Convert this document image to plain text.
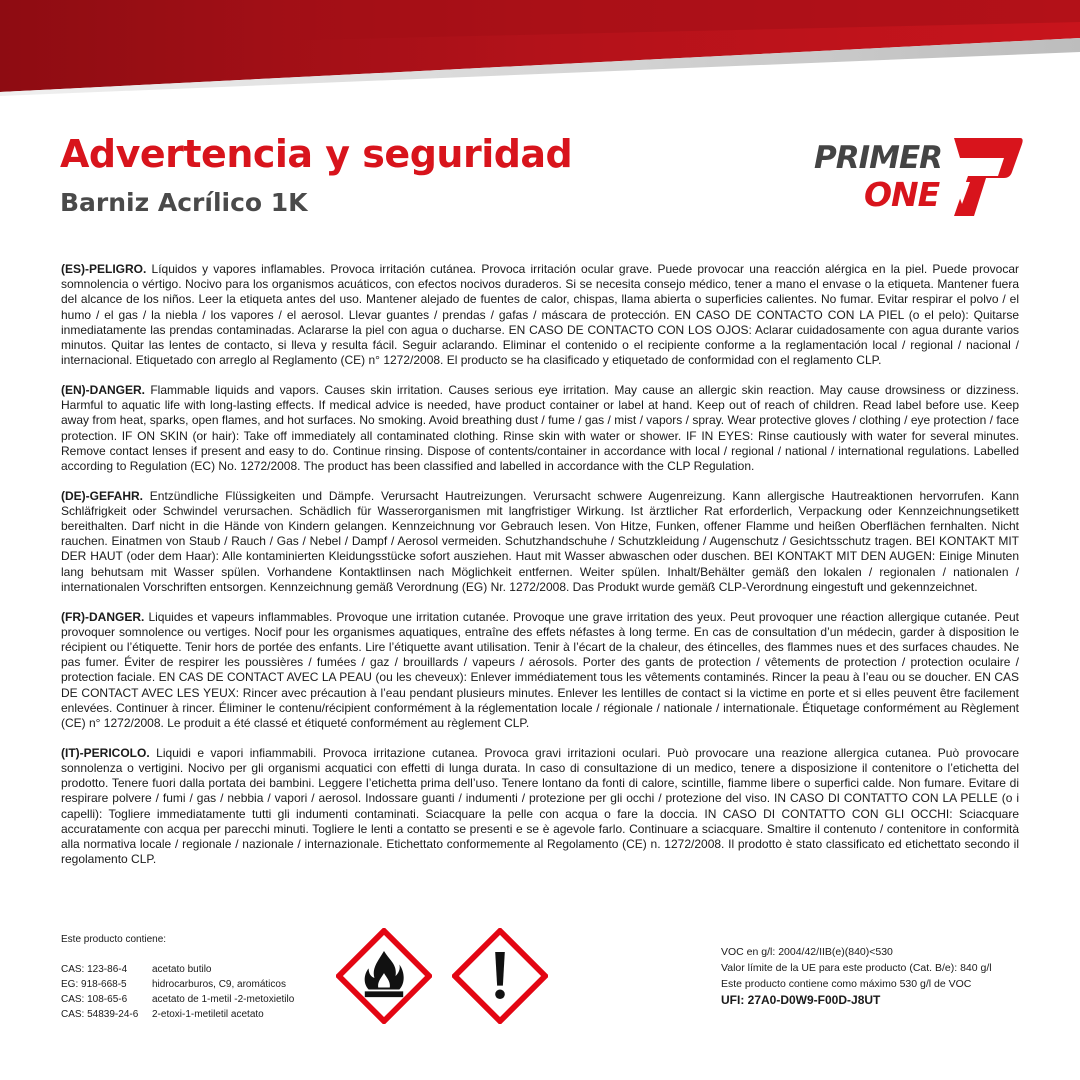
Advertencia y seguridad
Barniz Acrílico 1K
PRIMER
ONE

(ES)-PELIGRO. Líquidos y vapores inflamables. Provoca irritación cutánea. Provoca irritación ocular grave. Puede provocar una reacción alérgica en la piel. Puede provocar somnolencia o vértigo. Nocivo para los organismos acuáticos, con efectos nocivos duraderos. Si se necesita consejo médico, tener a mano el envase o la etiqueta. Mantener fuera del alcance de los niños. Leer la etiqueta antes del uso. Mantener alejado de fuentes de calor, chispas, llama abierta o superficies calientes. No fumar. Evitar respirar el polvo / el humo / el gas / la niebla / los vapores / el aerosol. Llevar guantes / prendas / gafas / máscara de protección. EN CASO DE CONTACTO CON LA PIEL (o el pelo): Quitarse inmediatamente las prendas contaminadas. Aclararse la piel con agua o ducharse. EN CASO DE CONTACTO CON LOS OJOS: Aclarar cuidadosamente con agua durante varios minutos. Quitar las lentes de contacto, si lleva y resulta fácil. Seguir aclarando. Eliminar el contenido o el recipiente conforme a la reglamentación local / regional / nacional / internacional. Etiquetado con arreglo al Reglamento (CE) n° 1272/2008. El producto se ha clasificado y etiquetado de conformidad con el reglamento CLP.

(EN)-DANGER. Flammable liquids and vapors. Causes skin irritation. Causes serious eye irritation. May cause an allergic skin reaction. May cause drowsiness or dizziness. Harmful to aquatic life with long-lasting effects. If medical advice is needed, have product container or label at hand. Keep out of reach of children. Read label before use. Keep away from heat, sparks, open flames, and hot surfaces. No smoking. Avoid breathing dust / fume / gas / mist / vapors / spray. Wear protective gloves / clothing / eye protection / face protection. IF ON SKIN (or hair): Take off immediately all contaminated clothing. Rinse skin with water or shower. IF IN EYES: Rinse cautiously with water for several minutes. Remove contact lenses if present and easy to do. Continue rinsing. Dispose of contents/container in accordance with local / regional / national / international regulations. Labelled according to Regulation (EC) No. 1272/2008. The product has been classified and labelled in accordance with the CLP Regulation.

(DE)-GEFAHR. Entzündliche Flüssigkeiten und Dämpfe. Verursacht Hautreizungen. Verursacht schwere Augenreizung. Kann allergische Hautreaktionen hervorrufen. Kann Schläfrigkeit oder Schwindel verursachen. Schädlich für Wasserorganismen mit langfristiger Wirkung. Ist ärztlicher Rat erforderlich, Verpackung oder Kennzeichnungsetikett bereithalten. Darf nicht in die Hände von Kindern gelangen. Kennzeichnung vor Gebrauch lesen. Von Hitze, Funken, offener Flamme und heißen Oberflächen fernhalten. Nicht rauchen. Einatmen von Staub / Rauch / Gas / Nebel / Dampf / Aerosol vermeiden. Schutzhandschuhe / Schutzkleidung / Augenschutz / Gesichtsschutz tragen. BEI KONTAKT MIT DER HAUT (oder dem Haar): Alle kontaminierten Kleidungsstücke sofort ausziehen. Haut mit Wasser abwaschen oder duschen. BEI KONTAKT MIT DEN AUGEN: Einige Minuten lang behutsam mit Wasser spülen. Vorhandene Kontaktlinsen nach Möglichkeit entfernen. Weiter spülen. Inhalt/Behälter gemäß den lokalen / regionalen / nationalen / internationalen Vorschriften entsorgen. Kennzeichnung gemäß Verordnung (EG) Nr. 1272/2008. Das Produkt wurde gemäß CLP-Verordnung eingestuft und gekennzeichnet.

(FR)-DANGER. Liquides et vapeurs inflammables. Provoque une irritation cutanée. Provoque une grave irritation des yeux. Peut provoquer une réaction allergique cutanée. Peut provoquer somnolence ou vertiges. Nocif pour les organismes aquatiques, entraîne des effets néfastes à long terme. En cas de consultation d’un médecin, garder à disposition le récipient ou l’étiquette. Tenir hors de portée des enfants. Lire l’étiquette avant utilisation. Tenir à l’écart de la chaleur, des étincelles, des flammes nues et des surfaces chaudes. Ne pas fumer. Éviter de respirer les poussières / fumées / gaz / brouillards / vapeurs / aérosols. Porter des gants de protection / vêtements de protection / protection oculaire / protection faciale. EN CAS DE CONTACT AVEC LA PEAU (ou les cheveux): Enlever immédiatement tous les vêtements contaminés. Rincer la peau à l’eau ou se doucher. EN CAS DE CONTACT AVEC LES YEUX: Rincer avec précaution à l’eau pendant plusieurs minutes. Enlever les lentilles de contact si la victime en porte et si elles peuvent être facilement enlevées. Continuer à rincer. Éliminer le contenu/récipient conformément à la réglementation locale / régionale / nationale / internationale. Étiquetage conformément au Règlement (CE) n° 1272/2008. Le produit a été classé et étiqueté conformément au règlement CLP.

(IT)-PERICOLO. Liquidi e vapori infiammabili. Provoca irritazione cutanea. Provoca gravi irritazioni oculari. Può provocare una reazione allergica cutanea. Può provocare sonnolenza o vertigini. Nocivo per gli organismi acquatici con effetti di lunga durata. In caso di consultazione di un medico, tenere a disposizione il contenitore o l’etichetta del prodotto. Tenere fuori dalla portata dei bambini. Leggere l’etichetta prima dell’uso. Tenere lontano da fonti di calore, scintille, fiamme libere o superfici calde. Non fumare. Evitare di respirare polvere / fumi / gas / nebbia / vapori / aerosol. Indossare guanti / indumenti / protezione per gli occhi / protezione del viso. IN CASO DI CONTATTO CON LA PELLE (o i capelli): Togliere immediatamente tutti gli indumenti contaminati. Sciacquare la pelle con acqua o fare la doccia. IN CASO DI CONTATTO CON GLI OCCHI: Sciacquare accuratamente con acqua per parecchi minuti. Togliere le lenti a contatto se presenti e se è agevole farlo. Continuare a sciacquare. Smaltire il contenuto / contenitore in conformità alla normativa locale / regionale / nazionale / internazionale. Etichettato conformemente al Regolamento (CE) n. 1272/2008. Il prodotto è stato classificato ed etichettato secondo il regolamento CLP.

Este producto contiene:
CAS: 123-86-4	acetato butilo
EG: 918-668-5	hidrocarburos, C9, aromáticos
CAS: 108-65-6	acetato de 1-metil -2-metoxietilo
CAS: 54839-24-6	2-etoxi-1-metiletil acetato
VOC en g/l: 2004/42/IIB(e)(840)<530
Valor límite de la UE para este producto (Cat. B/e): 840 g/l
Este producto contiene como máximo 530 g/l de VOC
UFI: 27A0-D0W9-F00D-J8UT
